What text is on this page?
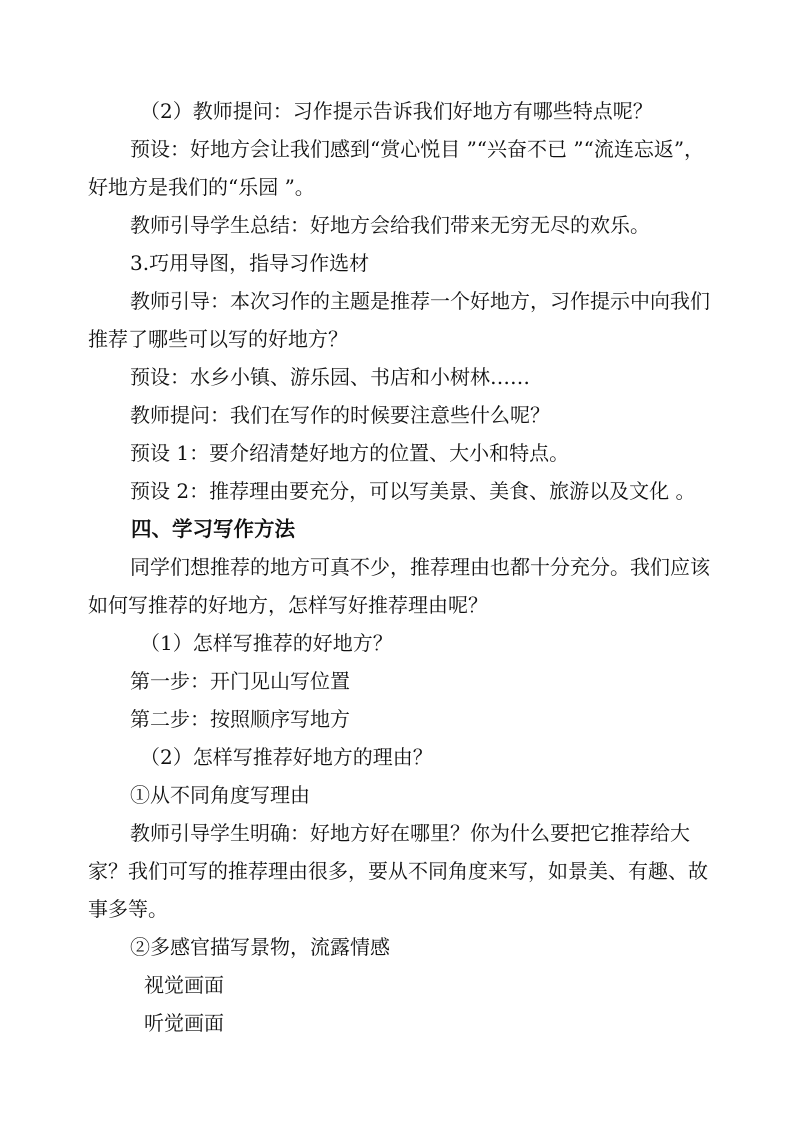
（2）教师提问：习作提示告诉我们好地方有哪些特点呢？

预设：好地方会让我们感到“赏心悦目 ”“兴奋不已 ”“流连忘返”，好地方是我们的“乐园 ”。

教师引导学生总结：好地方会给我们带来无穷无尽的欢乐。

3.巧用导图，指导习作选材

教师引导：本次习作的主题是推荐一个好地方，习作提示中向我们推荐了哪些可以写的好地方？

预设：水乡小镇、游乐园、书店和小树林……

教师提问：我们在写作的时候要注意些什么呢？

预设 1：要介绍清楚好地方的位置、大小和特点。

预设 2：推荐理由要充分，可以写美景、美食、旅游以及文化 。

四、学习写作方法

同学们想推荐的地方可真不少，推荐理由也都十分充分。我们应该如何写推荐的好地方，怎样写好推荐理由呢？

（1）怎样写推荐的好地方？

第一步：开门见山写位置

第二步：按照顺序写地方

（2）怎样写推荐好地方的理由？

①从不同角度写理由

教师引导学生明确：好地方好在哪里？你为什么要把它推荐给大家？我们可写的推荐理由很多，要从不同角度来写，如景美、有趣、故事多等。

②多感官描写景物，流露情感

视觉画面

听觉画面
